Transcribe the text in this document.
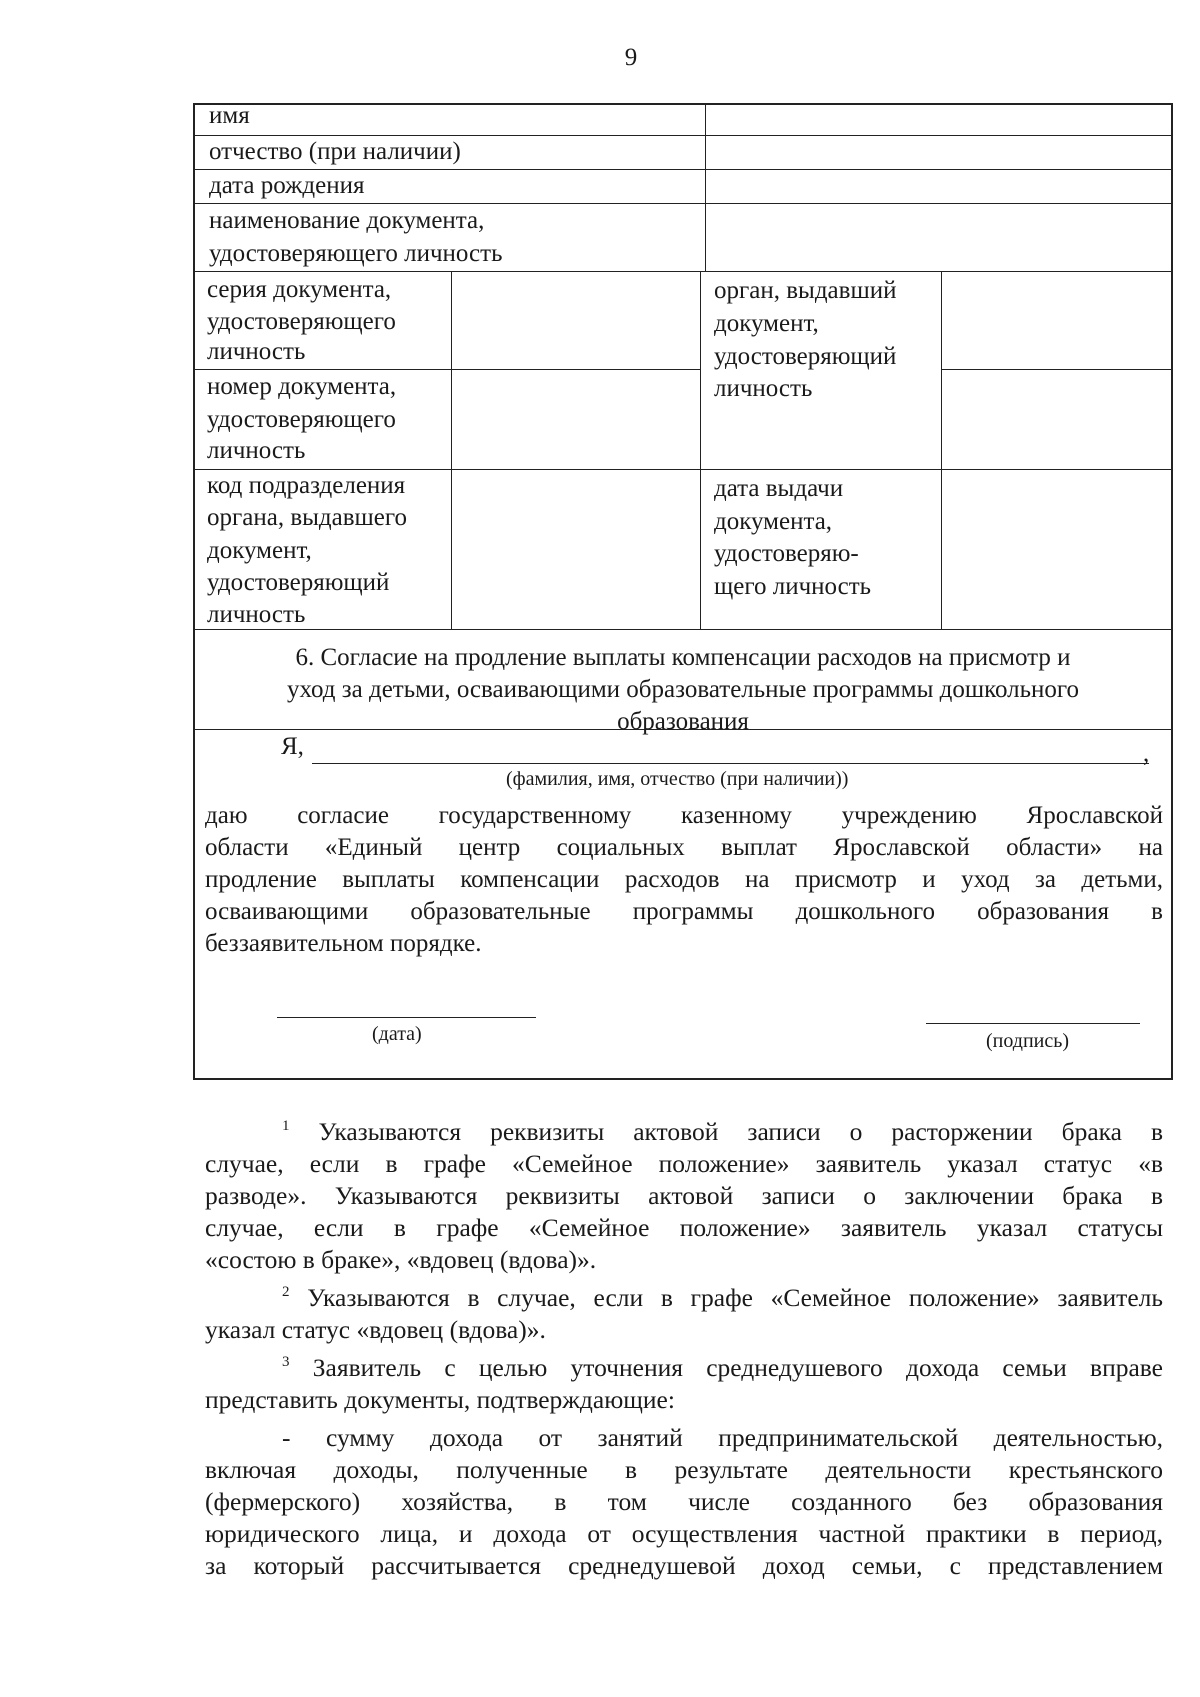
9
имя
отчество (при наличии)
дата рождения
наименование документа,
удостоверяющего личность
серия документа,
удостоверяющего
личность
номер документа,
удостоверяющего
личность
код подразделения
органа, выдавшего
документ,
удостоверяющий
личность
орган, выдавший
документ,
удостоверяющий
личность
дата выдачи
документа,
удостоверяю-
щего личность
6. Согласие на продление выплаты компенсации расходов на присмотр и
уход за детьми, осваивающими образовательные программы дошкольного
образования
Я,	,
(фамилия, имя, отчество (при наличии))
даю согласие государственному казенному учреждению Ярославской
области «Единый центр социальных выплат Ярославской области» на
продление выплаты компенсации расходов на присмотр и уход за детьми,
осваивающими образовательные программы дошкольного образования в
беззаявительном порядке.
(дата)	(подпись)

$^1$ Указываются реквизиты актовой записи о расторжении брака в

случае, если в графе «Семейное положение» заявитель указал статус «в
разводе». Указываются реквизиты актовой записи о заключении брака в
случае, если в графе «Семейное положение» заявитель указал статусы
«состою в браке», «вдовец (вдова)».
$^2$ Указываются в случае, если в графе «Семейное положение» заявитель
указал статус «вдовец (вдова)».
$^3$ Заявитель с целью уточнения среднедушевого дохода семьи вправе
представить документы, подтверждающие:
- сумму дохода от занятий предпринимательской деятельностью,
включая доходы, полученные в результате деятельности крестьянского
(фермерского) хозяйства, в том числе созданного без образования
юридического лица, и дохода от осуществления частной практики в период,
за который рассчитывается среднедушевой доход семьи, с представлением
